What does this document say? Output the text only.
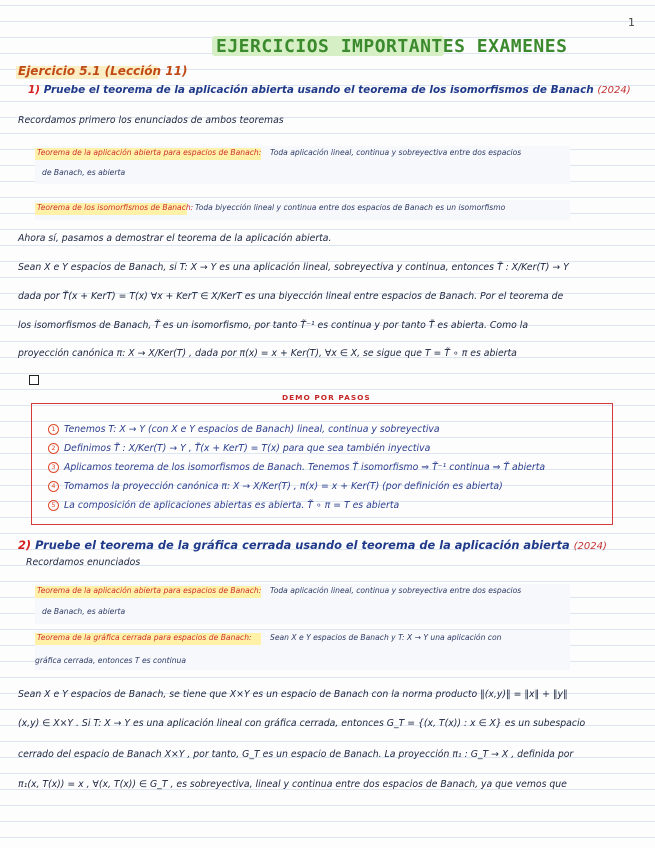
1
EJERCICIOS IMPORTANTES EXAMENES
Ejercicio 5.1 (Lección 11)
1) Pruebe el teorema de la aplicación abierta usando el teorema de los isomorfismos de Banach (2024)
Recordamos primero los enunciados de ambos teoremas
Teorema de la aplicación abierta para espacios de Banach: Toda aplicación lineal, continua y sobreyectiva entre dos espacios
de Banach, es abierta
Teorema de los isomorfismos de Banach: Toda biyección lineal y continua entre dos espacios de Banach es un isomorfismo
Ahora sí, pasamos a demostrar el teorema de la aplicación abierta.
Sean X e Y espacios de Banach, si T: X → Y es una aplicación lineal, sobreyectiva y continua, entonces T̃ : X/Ker(T) → Y
dada por T̃(x + KerT) = T(x) ∀x + KerT ∈ X/KerT es una biyección lineal entre espacios de Banach. Por el teorema de
los isomorfismos de Banach, T̃ es un isomorfismo, por tanto T̃⁻¹ es continua y por tanto T̃ es abierta. Como la
proyección canónica π: X → X/Ker(T) , dada por π(x) = x + Ker(T), ∀x ∈ X, se sigue que T = T̃ ∘ π es abierta
DEMO POR PASOS
1 Tenemos T: X → Y (con X e Y espacios de Banach) lineal, continua y sobreyectiva
2 Definimos T̃ : X/Ker(T) → Y , T̃(x + KerT) = T(x) para que sea también inyectiva
3 Aplicamos teorema de los isomorfismos de Banach. Tenemos T̃ isomorfismo ⇒ T̃⁻¹ continua ⇒ T̃ abierta
4 Tomamos la proyección canónica π: X → X/Ker(T) , π(x) = x + Ker(T) (por definición es abierta)
5 La composición de aplicaciones abiertas es abierta. T̃ ∘ π = T es abierta
2) Pruebe el teorema de la gráfica cerrada usando el teorema de la aplicación abierta (2024)
Recordamos enunciados
Teorema de la aplicación abierta para espacios de Banach: Toda aplicación lineal, continua y sobreyectiva entre dos espacios
de Banach, es abierta
Teorema de la gráfica cerrada para espacios de Banach: Sean X e Y espacios de Banach y T: X → Y una aplicación con
gráfica cerrada, entonces T es continua
Sean X e Y espacios de Banach, se tiene que X×Y es un espacio de Banach con la norma producto ‖(x,y)‖ = ‖x‖ + ‖y‖
(x,y) ∈ X×Y . Si T: X → Y es una aplicación lineal con gráfica cerrada, entonces G_T = {(x, T(x)) : x ∈ X} es un subespacio
cerrado del espacio de Banach X×Y , por tanto, G_T es un espacio de Banach. La proyección π₁ : G_T → X , definida por
π₁(x, T(x)) = x , ∀(x, T(x)) ∈ G_T , es sobreyectiva, lineal y continua entre dos espacios de Banach, ya que vemos que
